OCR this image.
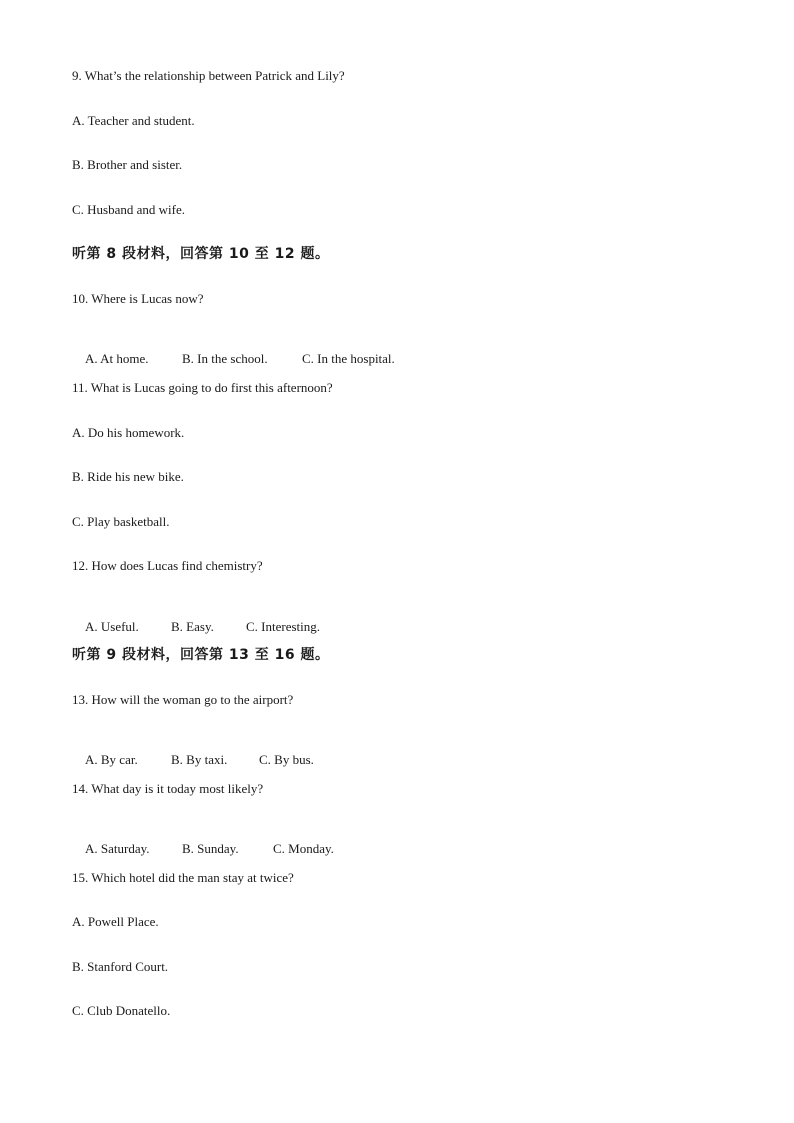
9. What’s the relationship between Patrick and Lily?
A. Teacher and student.
B. Brother and sister.
C. Husband and wife.
听第 8 段材料，回答第 10 至 12 题。
10. Where is Lucas now?

A. At home.	B. In the school.	C. In the hospital.

11. What is Lucas going to do first this afternoon?
A. Do his homework.
B. Ride his new bike.
C. Play basketball.
12. How does Lucas find chemistry?

A. Useful. B. Easy. C. Interesting.

听第 9 段材料，回答第 13 至 16 题。
13. How will the woman go to the airport?

A. By car.	B. By taxi. C. By bus.

14. What day is it today most likely?

A. Saturday. B. Sunday.	C. Monday.

15. Which hotel did the man stay at twice?
A. Powell Place.
B. Stanford Court.
C. Club Donatello.
